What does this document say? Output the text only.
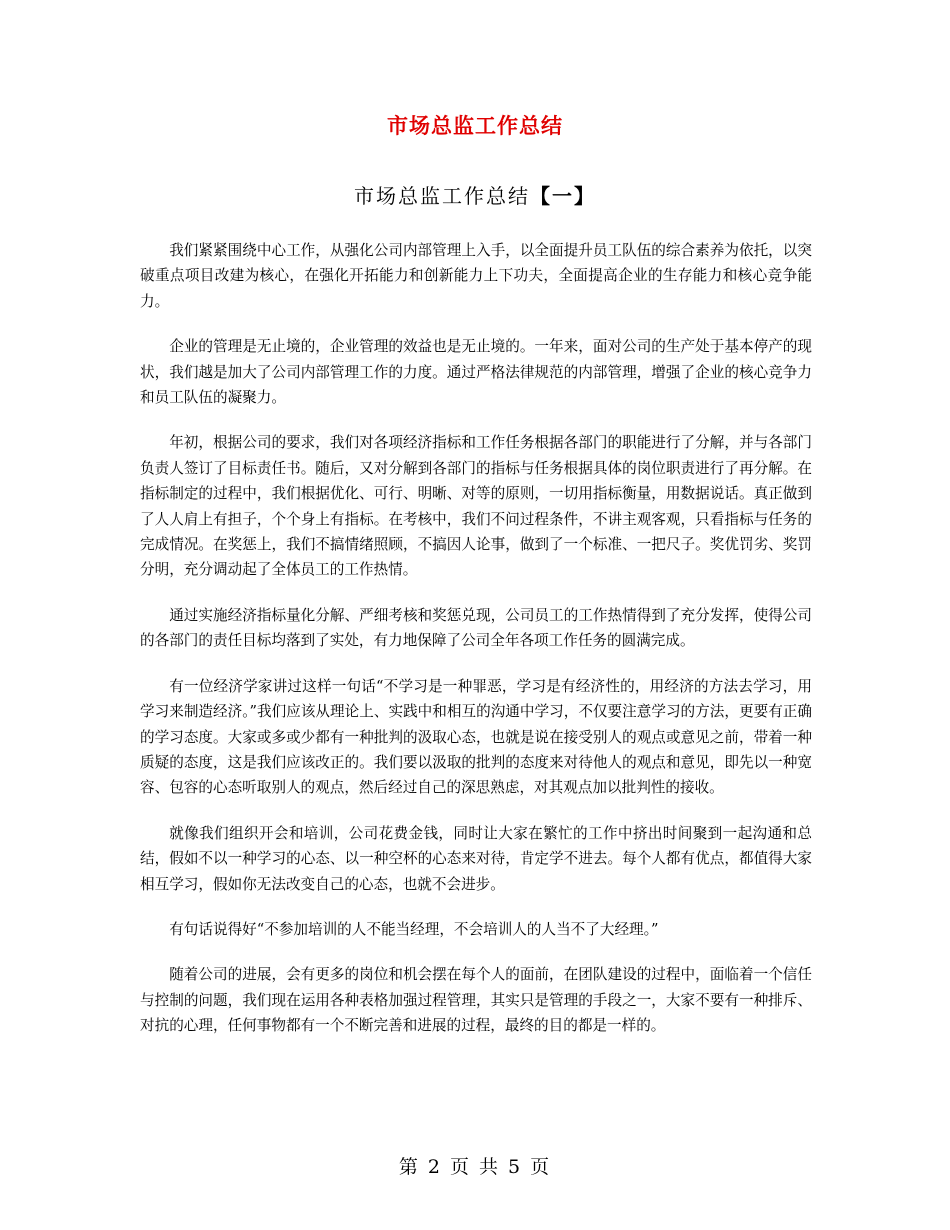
市场总监工作总结
市场总监工作总结【一】

我们紧紧围绕中心工作，从强化公司内部管理上入手，以全面提升员工队伍的综合素养为依托，以突破重点项目改建为核心，在强化开拓能力和创新能力上下功夫，全面提高企业的生存能力和核心竞争能力。

企业的管理是无止境的，企业管理的效益也是无止境的。一年来，面对公司的生产处于基本停产的现状，我们越是加大了公司内部管理工作的力度。通过严格法律规范的内部管理，增强了企业的核心竞争力和员工队伍的凝聚力。

年初，根据公司的要求，我们对各项经济指标和工作任务根据各部门的职能进行了分解，并与各部门负责人签订了目标责任书。随后，又对分解到各部门的指标与任务根据具体的岗位职责进行了再分解。在指标制定的过程中，我们根据优化、可行、明晰、对等的原则，一切用指标衡量，用数据说话。真正做到了人人肩上有担子，个个身上有指标。在考核中，我们不问过程条件，不讲主观客观，只看指标与任务的完成情况。在奖惩上，我们不搞情绪照顾，不搞因人论事，做到了一个标准、一把尺子。奖优罚劣、奖罚分明，充分调动起了全体员工的工作热情。

通过实施经济指标量化分解、严细考核和奖惩兑现，公司员工的工作热情得到了充分发挥，使得公司的各部门的责任目标均落到了实处，有力地保障了公司全年各项工作任务的圆满完成。

有一位经济学家讲过这样一句话“不学习是一种罪恶，学习是有经济性的，用经济的方法去学习，用学习来制造经济。”我们应该从理论上、实践中和相互的沟通中学习，不仅要注意学习的方法，更要有正确的学习态度。大家或多或少都有一种批判的汲取心态，也就是说在接受别人的观点或意见之前，带着一种质疑的态度，这是我们应该改正的。我们要以汲取的批判的态度来对待他人的观点和意见，即先以一种宽容、包容的心态听取别人的观点，然后经过自己的深思熟虑，对其观点加以批判性的接收。

就像我们组织开会和培训，公司花费金钱，同时让大家在繁忙的工作中挤出时间聚到一起沟通和总结，假如不以一种学习的心态、以一种空杯的心态来对待，肯定学不进去。每个人都有优点，都值得大家相互学习，假如你无法改变自己的心态，也就不会进步。

有句话说得好“不参加培训的人不能当经理，不会培训人的人当不了大经理。”

随着公司的进展，会有更多的岗位和机会摆在每个人的面前，在团队建设的过程中，面临着一个信任与控制的问题，我们现在运用各种表格加强过程管理，其实只是管理的手段之一，大家不要有一种排斥、对抗的心理，任何事物都有一个不断完善和进展的过程，最终的目的都是一样的。

第 2 页 共 5 页
